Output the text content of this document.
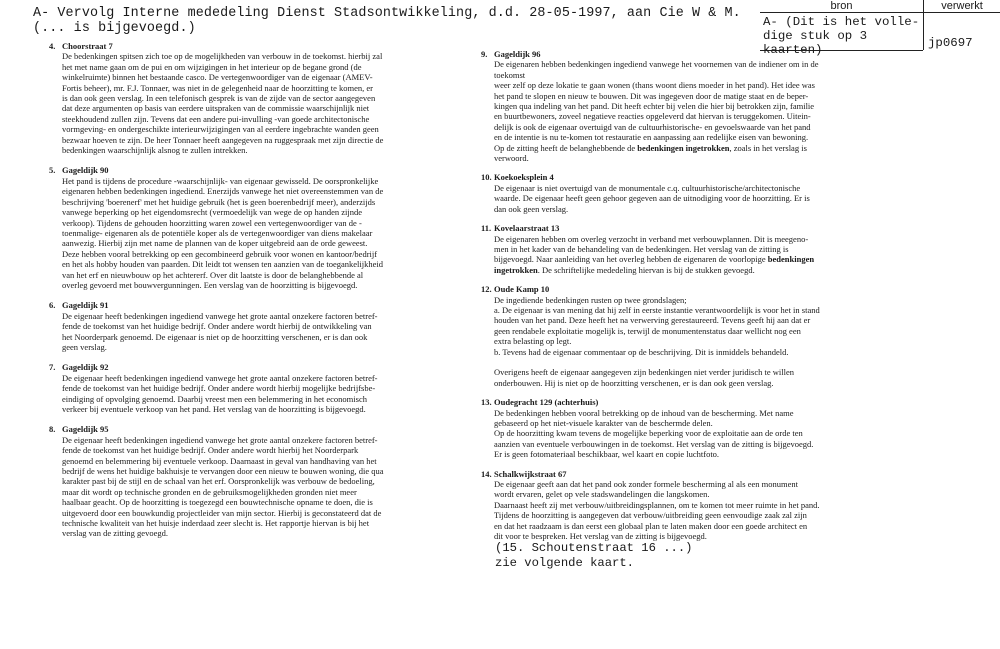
A- Vervolg Interne mededeling Dienst Stadsontwikkeling, d.d. 28-05-1997, aan Cie W & M.
(... is bijgevoegd.)
bron
A- (Dit is het volle-
dige stuk op 3 kaarten)
verwerkt
jp0697
4. Choorstraat 7
De bedenkingen spitsen zich toe op de mogelijkheden van verbouw in de toekomst. hierbij zal
het met name gaan om de pui en om wijzigingen in het interieur op de begane grond (de
winkelruimte) binnen het bestaande casco. De vertegenwoordiger van de eigenaar (AMEV-
Fortis beheer), mr. F.J. Tonnaer, was niet in de gelegenheid naar de hoorzitting te komen, er
is dan ook geen verslag. In een telefonisch gesprek is van de zijde van de sector aangegeven
dat deze argumenten op basis van eerdere uitspraken van de commissie waarschijnlijk niet
steekhoudend zullen zijn. Tevens dat een andere pui-invulling -van goede architectonische
vormgeving- en ondergeschikte interieurwijzigingen van al eerdere ingebrachte wanden geen
bezwaar hoeven te zijn. De heer Tonnaer heeft aangegeven na ruggespraak met zijn directie de
bedenkingen waarschijnlijk alsnog te zullen intrekken.
5. Gageldijk 90
Het pand is tijdens de procedure -waarschijnlijk- van eigenaar gewisseld. De oorspronkelijke
eigenaren hebben bedenkingen ingediend. Enerzijds vanwege het niet overeenstemmen van de
beschrijving 'boerenerf' met het huidige gebruik (het is geen boerenbedrijf meer), anderzijds
vanwege beperking op het eigendomsrecht (vermoedelijk van wege de op handen zijnde
verkoop). Tijdens de gehouden hoorzitting waren zowel een vertegenwoordiger van de -
toenmalige- eigenaren als de potentiële koper als de vertegenwoordiger van diens makelaar
aanwezig. Hierbij zijn met name de plannen van de koper uitgebreid aan de orde geweest.
Deze hebben vooral betrekking op een gecombineerd gebruik voor wonen en kantoor/bedrijf
en het als hobby houden van paarden. Dit leidt tot wensen ten aanzien van de toegankelijkheid
van het erf en nieuwbouw op het achtererf. Over dit laatste is door de belanghebbende al
overleg gevoerd met bouwvergunningen. Een verslag van de hoorzitting is bijgevoegd.
6. Gageldijk 91
De eigenaar heeft bedenkingen ingediend vanwege het grote aantal onzekere factoren betref-
fende de toekomst van het huidige bedrijf. Onder andere wordt hierbij de ontwikkeling van
het Noorderpark genoemd. De eigenaar is niet op de hoorzitting verschenen, er is dan ook
geen verslag.
7. Gageldijk 92
De eigenaar heeft bedenkingen ingediend vanwege het grote aantal onzekere factoren betref-
fende de toekomst van het huidige bedrijf. Onder andere wordt hierbij mogelijke bedrijfsbe-
eindiging of opvolging genoemd. Daarbij vreest men een belemmering in het economisch
verkeer bij eventuele verkoop van het pand. Het verslag van de hoorzitting is bijgevoegd.
8. Gageldijk 95
De eigenaar heeft bedenkingen ingediend vanwege het grote aantal onzekere factoren betref-
fende de toekomst van het huidige bedrijf. Onder andere wordt hierbij het Noorderpark
genoemd en belemmering bij eventuele verkoop. Daarnaast in geval van handhaving van het
bedrijf de wens het huidige bakhuisje te vervangen door een nieuw te bouwen woning, die qua
karakter past bij de stijl en de schaal van het erf. Oorspronkelijk was verbouw de bedoeling,
maar dit wordt op technische gronden en de gebruiksmogelijkheden gronden niet meer
haalbaar geacht. Op de hoorzitting is toegezegd een bouwtechnische opname te doen, die is
uitgevoerd door een bouwkundig projectleider van mijn sector. Hierbij is geconstateerd dat de
technische kwaliteit van het huisje inderdaad zeer slecht is. Het rapportje hiervan is bij het
verslag van de zitting gevoegd.
9. Gageldijk 96
De eigenaren hebben bedenkingen ingediend vanwege het voornemen van de indiener om in de toekomst
weer zelf op deze lokatie te gaan wonen (thans woont diens moeder in het pand). Het idee was
het pand te slopen en nieuw te bouwen. Dit was ingegeven door de matige staat en de beper-
kingen qua indeling van het pand. Dit heeft echter bij velen die hier bij betrokken zijn, familie
en buurtbewoners, zoveel negatieve reacties opgeleverd dat hiervan is teruggekomen. Uitein-
delijk is ook de eigenaar overtuigd van de cultuurhistorische- en gevoelswaarde van het pand
en de intentie is nu te-komen tot restauratie en aanpassing aan redelijke eisen van bewoning.
Op de zitting heeft de belanghebbende de bedenkingen ingetrokken, zoals in het verslag is
verwoord.
10. Koekoeksplein 4
De eigenaar is niet overtuigd van de monumentale c.q. cultuurhistorische/architectonische
waarde. De eigenaar heeft geen gehoor gegeven aan de uitnodiging voor de hoorzitting. Er is
dan ook geen verslag.
11. Kovelaarstraat 13
De eigenaren hebben om overleg verzocht in verband met verbouwplannen. Dit is meegeno-
men in het kader van de behandeling van de bedenkingen. Het verslag van de zitting is
bijgevoegd. Naar aanleiding van het overleg hebben de eigenaren de voorlopige bedenkingen
ingetrokken. De schriftelijke mededeling hiervan is bij de stukken gevoegd.
12. Oude Kamp 10
De ingediende bedenkingen rusten op twee grondslagen;
a. De eigenaar is van mening dat hij zelf in eerste instantie verantwoordelijk is voor het in stand
houden van het pand. Deze heeft het na verwerving gerestaureerd. Tevens geeft hij aan dat er
geen rendabele exploitatie mogelijk is, terwijl de monumentenstatus daar wellicht nog een
extra belasting op legt.
b. Tevens had de eigenaar commentaar op de beschrijving. Dit is inmiddels behandeld.

Overigens heeft de eigenaar aangegeven zijn bedenkingen niet verder juridisch te willen
onderbouwen. Hij is niet op de hoorzitting verschenen, er is dan ook geen verslag.
13. Oudegracht 129 (achterhuis)
De bedenkingen hebben vooral betrekking op de inhoud van de bescherming. Met name
gebaseerd op het niet-visuele karakter van de beschermde delen.
Op de hoorzitting kwam tevens de mogelijke beperking voor de exploitatie aan de orde ten
aanzien van eventuele verbouwingen in de toekomst. Het verslag van de zitting is bijgevoegd.
Er is geen fotomateriaal beschikbaar, wel kaart en copie luchtfoto.
14. Schalkwijkstraat 67
De eigenaar geeft aan dat het pand ook zonder formele bescherming al als een monument
wordt ervaren, gelet op vele stadswandelingen die langskomen.
Daarnaast heeft zij met verbouw/uitbreidingsplannen, om te komen tot meer ruimte in het pand.
Tijdens de hoorzitting is aangegeven dat verbouw/uitbreiding geen eenvoudige zaak zal zijn
en dat het raadzaam is dan eerst een globaal plan te laten maken door een goede architect en
dit voor te bespreken. Het verslag van de zitting is bijgevoegd.
(15. Schoutenstraat 16 ...)
zie volgende kaart.
